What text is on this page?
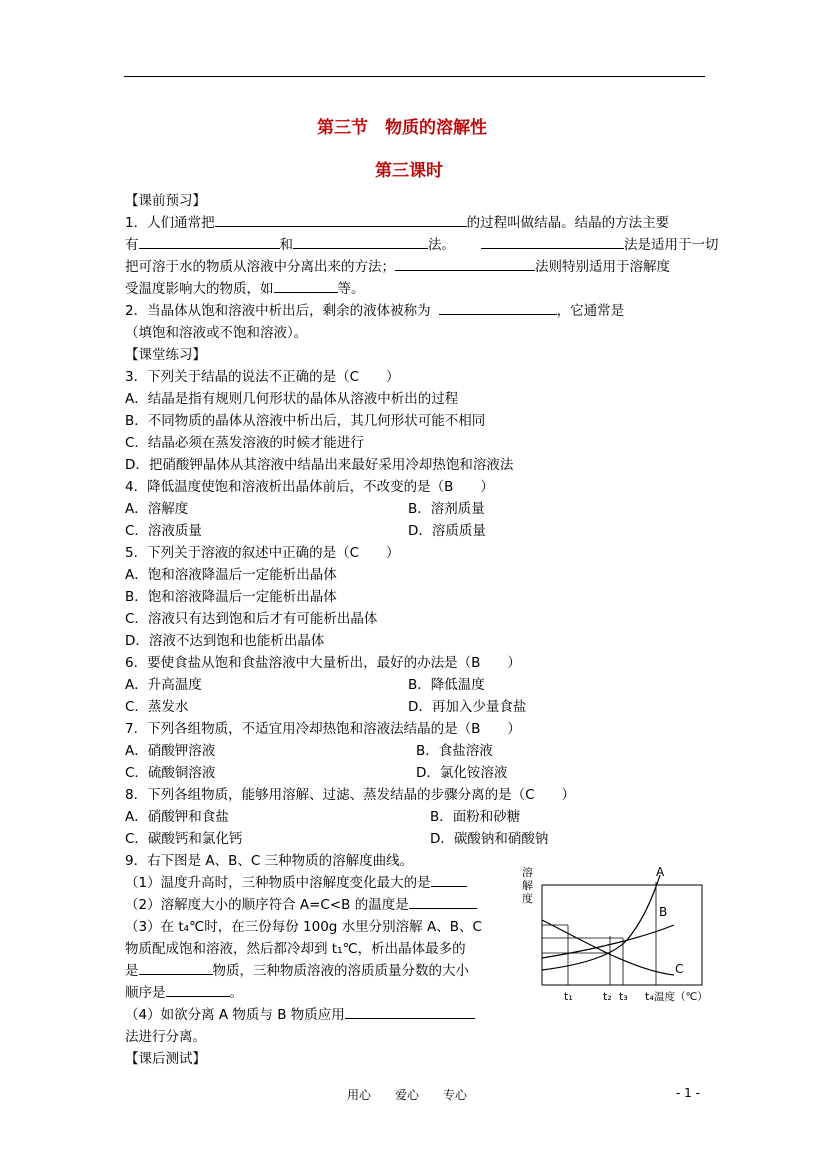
第三节　物质的溶解性
第三课时
【课前预习】
1．人们通常把	的过程叫做结晶。结晶的方法主要
有	和	法。	法是适用于一切
把可溶于水的物质从溶液中分离出来的方法；	法则特别适用于溶解度
受温度影响大的物质，如	等。
2．当晶体从饱和溶液中析出后，剩余的液体被称为	，它通常是
（填饱和溶液或不饱和溶液）。
【课堂练习】
3．下列关于结晶的说法不正确的是（C　　）
A．结晶是指有规则几何形状的晶体从溶液中析出的过程
B．不同物质的晶体从溶液中析出后，其几何形状可能不相同
C．结晶必须在蒸发溶液的时候才能进行
D．把硝酸钾晶体从其溶液中结晶出来最好采用冷却热饱和溶液法
4．降低温度使饱和溶液析出晶体前后，不改变的是（B　　）
A．溶解度	B．溶剂质量
C．溶液质量	D．溶质质量
5．下列关于溶液的叙述中正确的是（C　　）
A．饱和溶液降温后一定能析出晶体
B．饱和溶液降温后一定能析出晶体
C．溶液只有达到饱和后才有可能析出晶体
D．溶液不达到饱和也能析出晶体
6．要使食盐从饱和食盐溶液中大量析出，最好的办法是（B　　）
A．升高温度	B．降低温度
C．蒸发水	D．再加入少量食盐
7．下列各组物质，不适宜用冷却热饱和溶液法结晶的是（B　　）
A．硝酸钾溶液	B．食盐溶液
C．硫酸铜溶液	D．氯化铵溶液
8．下列各组物质，能够用溶解、过滤、蒸发结晶的步骤分离的是（C　　）
A．硝酸钾和食盐	B．面粉和砂糖
C．碳酸钙和氯化钙	D．碳酸钠和硝酸钠
9．右下图是 A、B、C 三种物质的溶解度曲线。
（1）温度升高时，三种物质中溶解度变化最大的是
（2）溶解度大小的顺序符合 A=C<B 的温度是
（3）在 t₄℃时，在三份每份 100g 水里分别溶解 A、B、C
物质配成饱和溶液，然后都冷却到 t₁℃，析出晶体最多的
是	物质，三种物质溶液的溶质质量分数的大小
顺序是	。
（4）如欲分离 A 物质与 B 物质应用
法进行分离。
【课后测试】
溶
解
度
A
B
C
t₁	t₂ t₃ t₄ 温度（℃）
用心　　爱心　　专心	- 1 -
